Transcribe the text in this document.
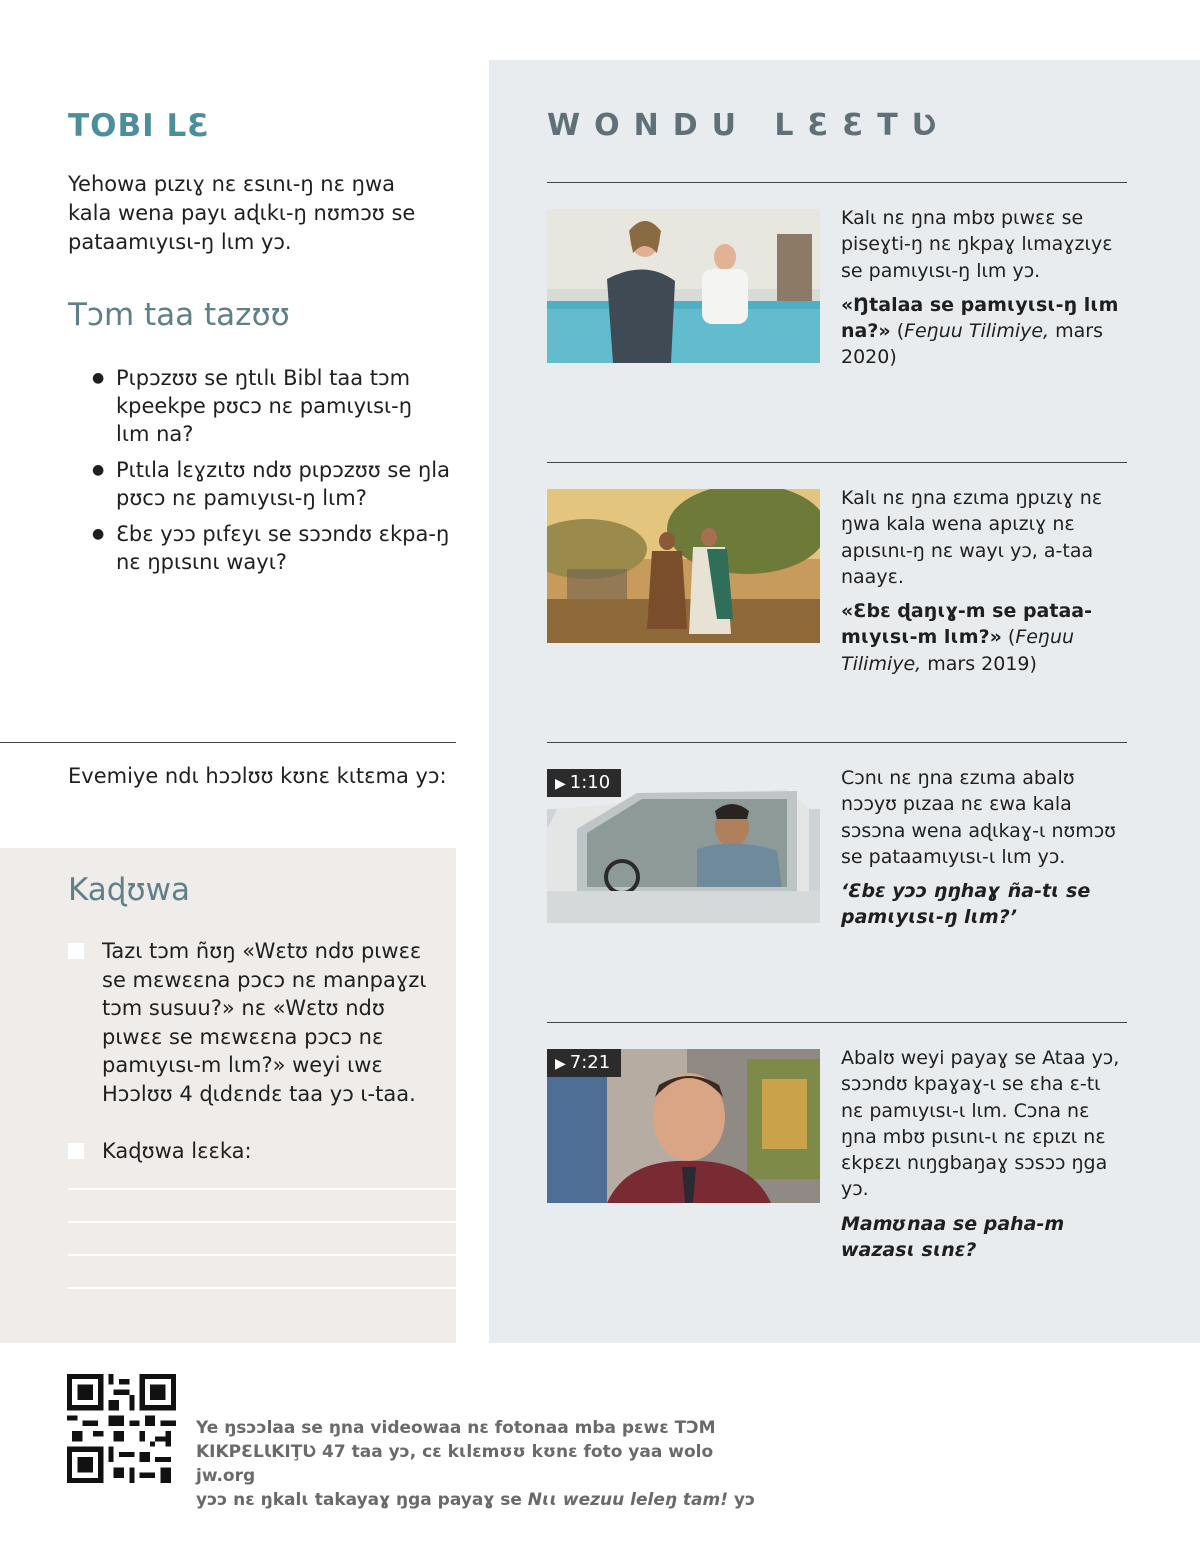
TOBI LƐ

Yehowa pɩzɩɣ nɛ ɛsɩnɩ-ŋ nɛ ŋwa kala wena payɩ aɖɩkɩ-ŋ nʊmɔʊ se pataamɩyɩsɩ-ŋ lɩm yɔ.

Tɔm taa tazʊʊ
● Pɩpɔzʊʊ se ŋtɩlɩ Bibl taa tɔm kpeekpe pʊcɔ nɛ pamɩyɩsɩ-ŋ lɩm na?
● Pɩtɩla lɛɣzɩtʊ ndʊ pɩpɔzʊʊ se ŋla pʊcɔ nɛ pamɩyɩsɩ-ŋ lɩm?
● Ɛbɛ yɔɔ pɩfɛyɩ se sɔɔndʊ ɛkpa-ŋ nɛ ŋpɩsɩnɩ wayɩ?
Evemiye ndɩ hɔɔlʊʊ kʊnɛ kɩtɛma yɔ:
Kaɖʊwa
Tazɩ tɔm ñʊŋ «Wɛtʊ ndʊ pɩwɛɛ se mɛwɛɛna pɔcɔ nɛ manpaɣzɩ tɔm susuu?» nɛ «Wɛtʊ ndʊ pɩwɛɛ se mɛwɛɛna pɔcɔ nɛ pamɩyɩsɩ-m lɩm?» weyi ɩwɛ Hɔɔlʊʊ 4 ɖɩdɛndɛ taa yɔ ɩ-taa.
Kaɖʊwa lɛɛka:
WONDU LƐƐTƲ
Kalɩ nɛ ŋna mbʊ pɩwɛɛ se piseɣti-ŋ nɛ ŋkpaɣ lɩmaɣzɩyɛ se pamɩyɩsɩ-ŋ lɩm yɔ.
«Ŋtalaa se pamɩyɩsɩ-ŋ lɩm na?» (Feŋuu Tilimiye, mars 2020)
Kalɩ nɛ ŋna ɛzɩma ŋpɩzɩɣ nɛ ŋwa kala wena apɩzɩɣ nɛ apɩsɩnɩ-ŋ nɛ wayɩ yɔ, a-taa naayɛ.
«Ɛbɛ ɖaŋɩɣ-m se pataa-mɩyɩsɩ-m lɩm?» (Feŋuu Tilimiye, mars 2019)
▶ 1:10	Cɔnɩ nɛ ŋna ɛzɩma abalʊ nɔɔyʊ pɩzaa nɛ ɛwa kala sɔsɔna wena aɖɩkaɣ-ɩ nʊmɔʊ se pataamɩyɩsɩ-ɩ lɩm yɔ.
‘Ɛbɛ yɔɔ ŋŋhaɣ ña-tɩ se pamɩyɩsɩ-ŋ lɩm?’
▶ 7:21	Abalʊ weyi payaɣ se Ataa yɔ, sɔɔndʊ kpaɣaɣ-ɩ se ɛha ɛ-tɩ nɛ pamɩyɩsɩ-ɩ lɩm. Cɔna nɛ ŋna mbʊ pɩsɩnɩ-ɩ nɛ ɛpɩzɩ nɛ ɛkpɛzɩ nɩŋgbaŋaɣ sɔsɔɔ ŋga yɔ.
Mamʊnaa se paha-m wazasɩ sɩnɛ?
Ye ŋsɔɔlaa se ŋna videowaa nɛ fotonaa mba pɛwɛ TƆM
KIKPƐLƖKIŢƲ 47 taa yɔ, cɛ kɩlɛmʊʊ kʊnɛ foto yaa wolo jw.org
yɔɔ nɛ ŋkalɩ takayaɣ ŋga payaɣ se Nɩɩ wezuu leleŋ tam! yɔ
